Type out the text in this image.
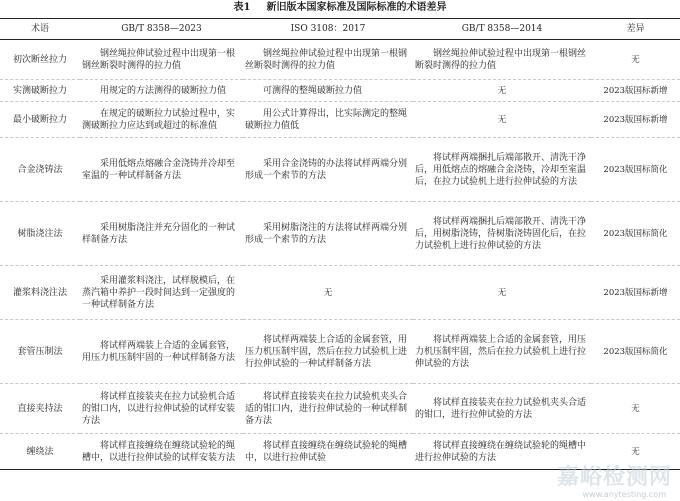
表1 新旧版本国家标准及国际标准的术语差异
术语	GB/T 8358—2023	ISO 3108：2017	GB/T 8358—2014	差异
初次断丝拉力	钢丝绳拉伸试验过程中出现第一根钢丝断裂时测得的拉力值	钢丝绳拉伸试验过程中出现第一根钢丝断裂时测得的拉力值	钢丝绳拉伸试验过程中出现第一根钢丝断裂时测得的拉力值	无
实测破断拉力	用规定的方法测得的破断拉力值	可测得的整绳破断拉力值	无	2023版国标新增
最小破断拉力	在规定的破断拉力试验过程中，实测破断拉力应达到或超过的标准值	用公式计算得出，比实际测定的整绳破断拉力值低	无	2023版国标新增
合金浇铸法	采用低熔点熔融合金浇铸并冷却至室温的一种试样制备方法	采用合金浇铸的办法将试样两端分别形成一个索节的方法	将试样两端捆扎后端部散开、清洗干净后，用低熔点的熔融合金浇铸，冷却至室温后，在拉力试验机上进行拉伸试验的方法	2023版国标简化
树脂浇注法	采用树脂浇注并充分固化的一种试样制备方法	采用树脂浇注的方法将试样两端分别形成一个索节的方法	将试样两端捆扎后端部散开、清洗干净后，用树脂浇铸，待树脂浇铸固化后，在拉力试验机上进行拉伸试验的方法	2023版国标简化
灌浆料浇注法	采用灌浆料浇注，试样脱模后，在蒸汽箱中养护一段时间达到一定强度的一种试样制备方法	无	无	2023版国标新增
套管压制法	将试样两端装上合适的金属套管，用压力机压制牢固的一种试样制备方法	将试样两端装上合适的金属套管，用压力机压制牢固，然后在拉力试验机上进行拉伸试验的一种试样制备方法	将试样两端装上合适的金属套管，用压力机压制牢固，然后在拉力试验机上进行拉伸试验的方法	2023版国标简化
直接夹持法	将试样直接装夹在拉力试验机合适的钳口内，以进行拉伸试验的试样安装方法	将试样直接装夹在拉力试验机夹头合适的钳口内，进行拉伸试验的一种试样制备方法	将试样直接装夹在拉力试验机夹头合适的钳口，进行拉伸试验的方法	无
缠绕法	将试样直接缠绕在缠绕试验轮的绳槽中，以进行拉伸试验的试样安装方法	将试样直接缠绕在缠绕试验轮的绳槽中，以进行拉伸试验	将试样直接缠绕在缠绕试验轮的绳槽中进行拉伸试验的方法	无
嘉峪检测网
www.anytesting.com
